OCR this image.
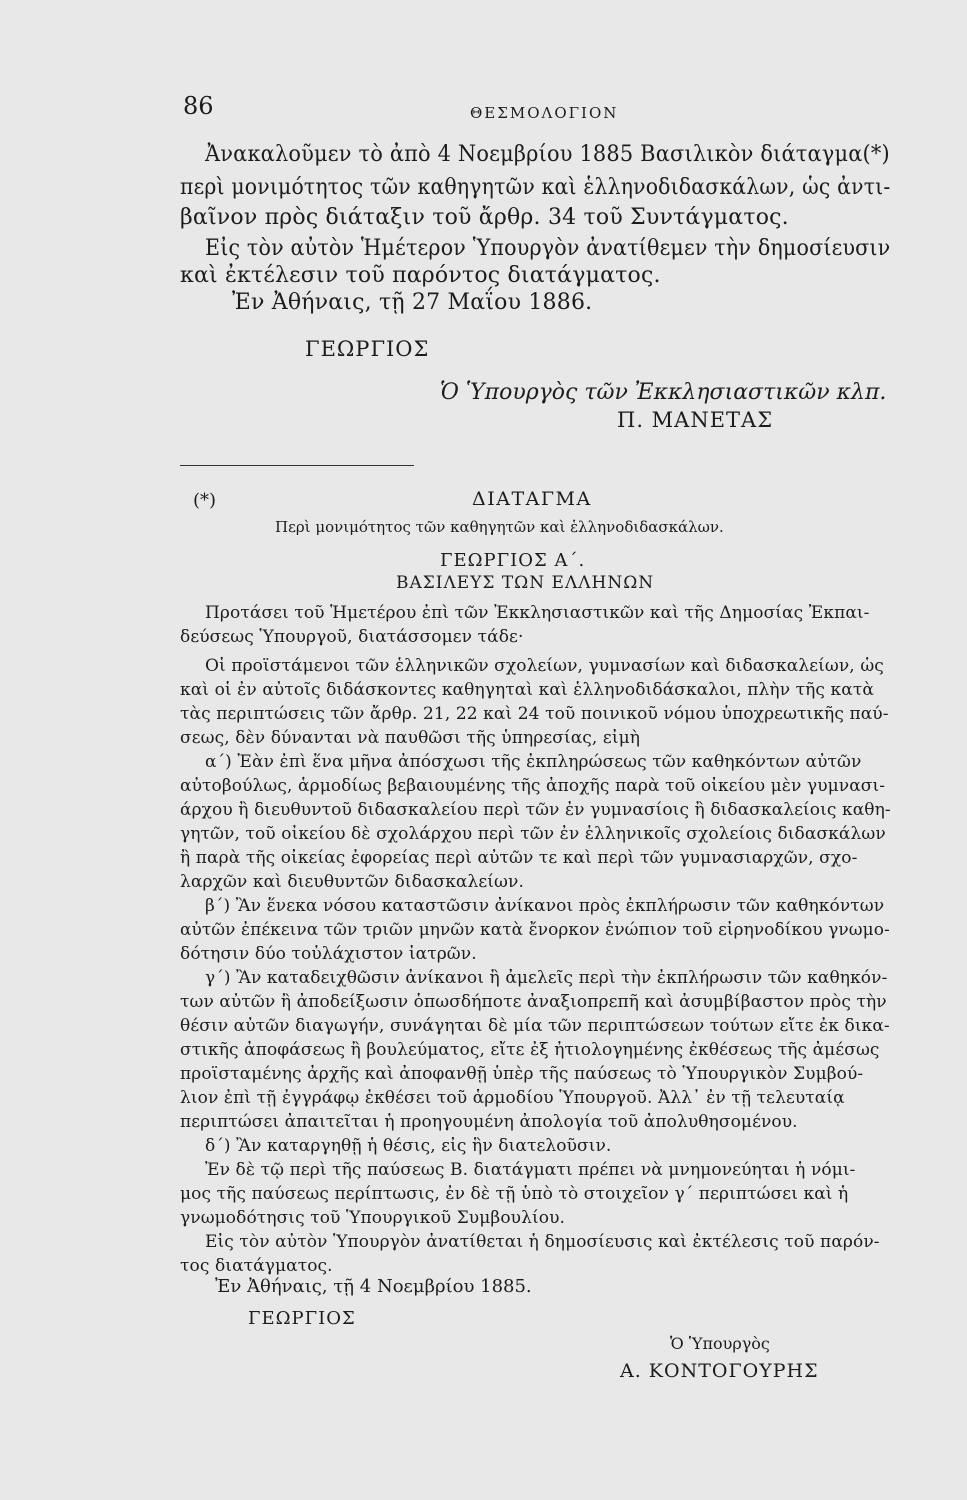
86	ΘΕΣΜΟΛΟΓΙΟΝ
Ἀνακαλοῦμεν τὸ ἀπὸ 4 Νοεμβρίου 1885 Βασιλικὸν διάταγμα(*)
περὶ μονιμότητος τῶν καθηγητῶν καὶ ἑλληνοδιδασκάλων, ὡς ἀντι-
βαῖνον πρὸς διάταξιν τοῦ ἄρθρ. 34 τοῦ Συντάγματος.
Εἰς τὸν αὐτὸν Ἡμέτερον Ὑπουργὸν ἀνατίθεμεν τὴν δημοσίευσιν
καὶ ἐκτέλεσιν τοῦ παρόντος διατάγματος.
Ἐν Ἀθήναις, τῇ 27 Μαΐου 1886.
ΓΕΩΡΓΙΟΣ
Ὁ Ὑπουργὸς τῶν Ἐκκλησιαστικῶν κλπ.
Π. ΜΑΝΕΤΑΣ
(*)	ΔΙΑΤΑΓΜΑ
Περὶ μονιμότητος τῶν καθηγητῶν καὶ ἑλληνοδιδασκάλων.
ΓΕΩΡΓΙΟΣ Α΄.
ΒΑΣΙΛΕΥΣ ΤΩΝ ΕΛΛΗΝΩΝ
Προτάσει τοῦ Ἡμετέρου ἐπὶ τῶν Ἐκκλησιαστικῶν καὶ τῆς Δημοσίας Ἐκπαι-
δεύσεως Ὑπουργοῦ, διατάσσομεν τάδε·
Οἱ προϊστάμενοι τῶν ἑλληνικῶν σχολείων, γυμνασίων καὶ διδασκαλείων, ὡς
καὶ οἱ ἐν αὐτοῖς διδάσκοντες καθηγηταὶ καὶ ἑλληνοδιδάσκαλοι, πλὴν τῆς κατὰ
τὰς περιπτώσεις τῶν ἄρθρ. 21, 22 καὶ 24 τοῦ ποινικοῦ νόμου ὑποχρεωτικῆς παύ-
σεως, δὲν δύνανται νὰ παυθῶσι τῆς ὑπηρεσίας, εἰμὴ
α΄) Ἐὰν ἐπὶ ἕνα μῆνα ἀπόσχωσι τῆς ἐκπληρώσεως τῶν καθηκόντων αὐτῶν
αὐτοβούλως, ἁρμοδίως βεβαιουμένης τῆς ἀποχῆς παρὰ τοῦ οἰκείου μὲν γυμνασι-
άρχου ἢ διευθυντοῦ διδασκαλείου περὶ τῶν ἐν γυμνασίοις ἢ διδασκαλείοις καθη-
γητῶν, τοῦ οἰκείου δὲ σχολάρχου περὶ τῶν ἐν ἑλληνικοῖς σχολείοις διδασκάλων
ἢ παρὰ τῆς οἰκείας ἐφορείας περὶ αὐτῶν τε καὶ περὶ τῶν γυμνασιαρχῶν, σχο-
λαρχῶν καὶ διευθυντῶν διδασκαλείων.
β΄) Ἂν ἕνεκα νόσου καταστῶσιν ἀνίκανοι πρὸς ἐκπλήρωσιν τῶν καθηκόντων
αὐτῶν ἐπέκεινα τῶν τριῶν μηνῶν κατὰ ἔνορκον ἐνώπιον τοῦ εἰρηνοδίκου γνωμο-
δότησιν δύο τοὐλάχιστον ἰατρῶν.
γ΄) Ἂν καταδειχθῶσιν ἀνίκανοι ἢ ἀμελεῖς περὶ τὴν ἐκπλήρωσιν τῶν καθηκόν-
των αὐτῶν ἢ ἀποδείξωσιν ὁπωσδήποτε ἀναξιοπρεπῆ καὶ ἀσυμβίβαστον πρὸς τὴν
θέσιν αὐτῶν διαγωγήν, συνάγηται δὲ μία τῶν περιπτώσεων τούτων εἴτε ἐκ δικα-
στικῆς ἀποφάσεως ἢ βουλεύματος, εἴτε ἐξ ἠτιολογημένης ἐκθέσεως τῆς ἀμέσως
προϊσταμένης ἀρχῆς καὶ ἀποφανθῇ ὑπὲρ τῆς παύσεως τὸ Ὑπουργικὸν Συμβού-
λιον ἐπὶ τῇ ἐγγράφῳ ἐκθέσει τοῦ ἁρμοδίου Ὑπουργοῦ. Ἀλλ᾽ ἐν τῇ τελευταίᾳ
περιπτώσει ἀπαιτεῖται ἡ προηγουμένη ἀπολογία τοῦ ἀπολυθησομένου.
δ΄) Ἂν καταργηθῇ ἡ θέσις, εἰς ἣν διατελοῦσιν.
Ἐν δὲ τῷ περὶ τῆς παύσεως Β. διατάγματι πρέπει νὰ μνημονεύηται ἡ νόμι-
μος τῆς παύσεως περίπτωσις, ἐν δὲ τῇ ὑπὸ τὸ στοιχεῖον γ΄ περιπτώσει καὶ ἡ
γνωμοδότησις τοῦ Ὑπουργικοῦ Συμβουλίου.
Εἰς τὸν αὐτὸν Ὑπουργὸν ἀνατίθεται ἡ δημοσίευσις καὶ ἐκτέλεσις τοῦ παρόν-
τος διατάγματος.
Ἐν Ἀθήναις, τῇ 4 Νοεμβρίου 1885.
ΓΕΩΡΓΙΟΣ
Ὁ Ὑπουργὸς
Α. ΚΟΝΤΟΓΟΥΡΗΣ
